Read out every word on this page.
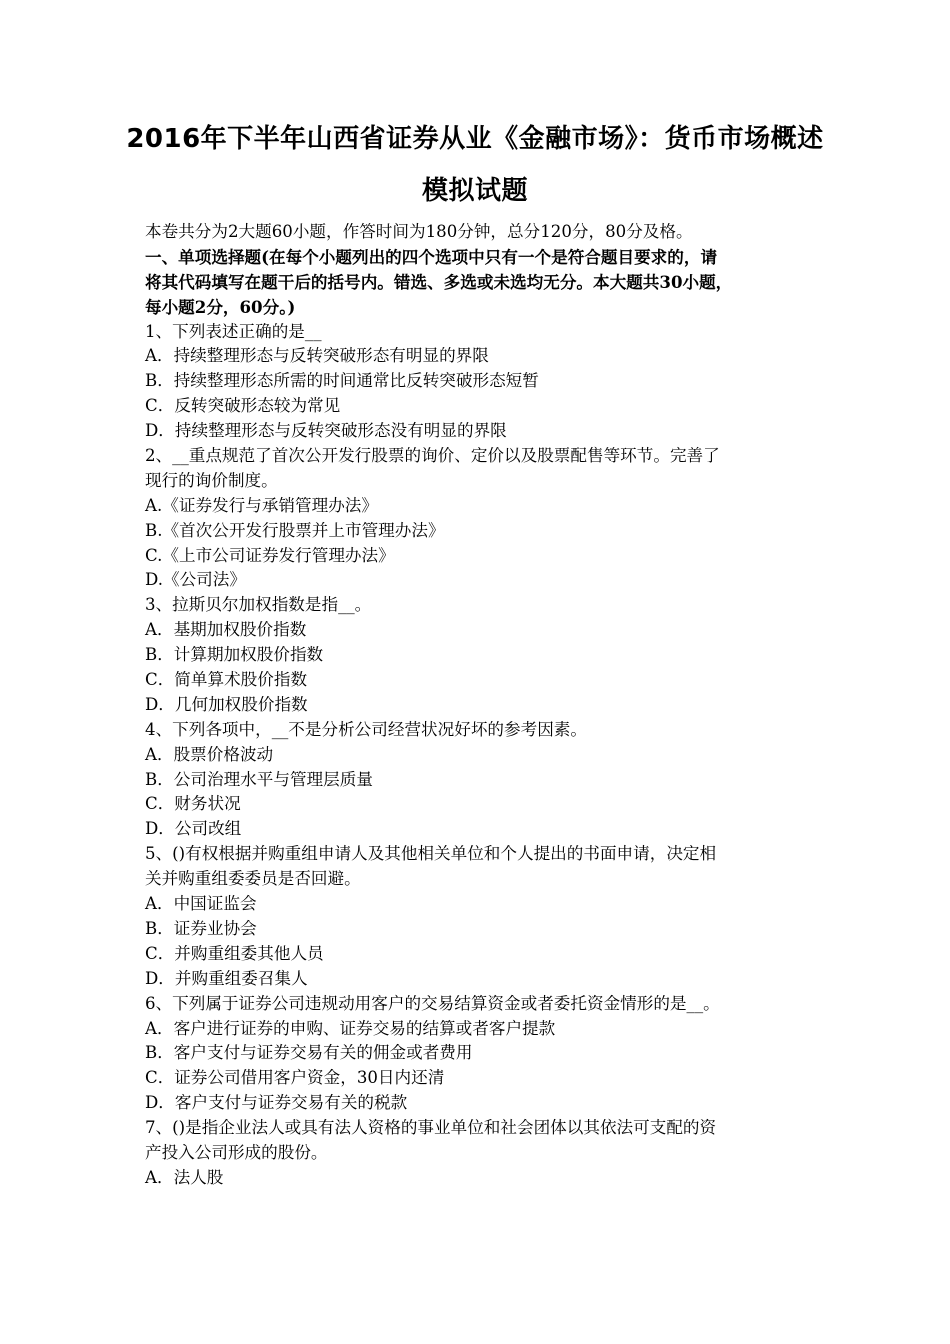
2016年下半年山西省证券从业《金融市场》：货币市场概述
模拟试题
本卷共分为2大题60小题，作答时间为180分钟，总分120分，80分及格。
一、单项选择题(在每个小题列出的四个选项中只有一个是符合题目要求的，请
将其代码填写在题干后的括号内。错选、多选或未选均无分。本大题共30小题，
每小题2分，60分。)
1、下列表述正确的是__
A．持续整理形态与反转突破形态有明显的界限
B．持续整理形态所需的时间通常比反转突破形态短暂
C．反转突破形态较为常见
D．持续整理形态与反转突破形态没有明显的界限
2、__重点规范了首次公开发行股票的询价、定价以及股票配售等环节。完善了
现行的询价制度。
A.《证券发行与承销管理办法》
B.《首次公开发行股票并上市管理办法》
C.《上市公司证券发行管理办法》
D.《公司法》
3、拉斯贝尔加权指数是指__。
A．基期加权股价指数
B．计算期加权股价指数
C．简单算术股价指数
D．几何加权股价指数
4、下列各项中，__不是分析公司经营状况好坏的参考因素。
A．股票价格波动
B．公司治理水平与管理层质量
C．财务状况
D．公司改组
5、()有权根据并购重组申请人及其他相关单位和个人提出的书面申请，决定相
关并购重组委委员是否回避。
A．中国证监会
B．证券业协会
C．并购重组委其他人员
D．并购重组委召集人
6、下列属于证券公司违规动用客户的交易结算资金或者委托资金情形的是__。
A．客户进行证券的申购、证券交易的结算或者客户提款
B．客户支付与证券交易有关的佣金或者费用
C．证券公司借用客户资金，30日内还清
D．客户支付与证券交易有关的税款
7、()是指企业法人或具有法人资格的事业单位和社会团体以其依法可支配的资
产投入公司形成的股份。
A．法人股
